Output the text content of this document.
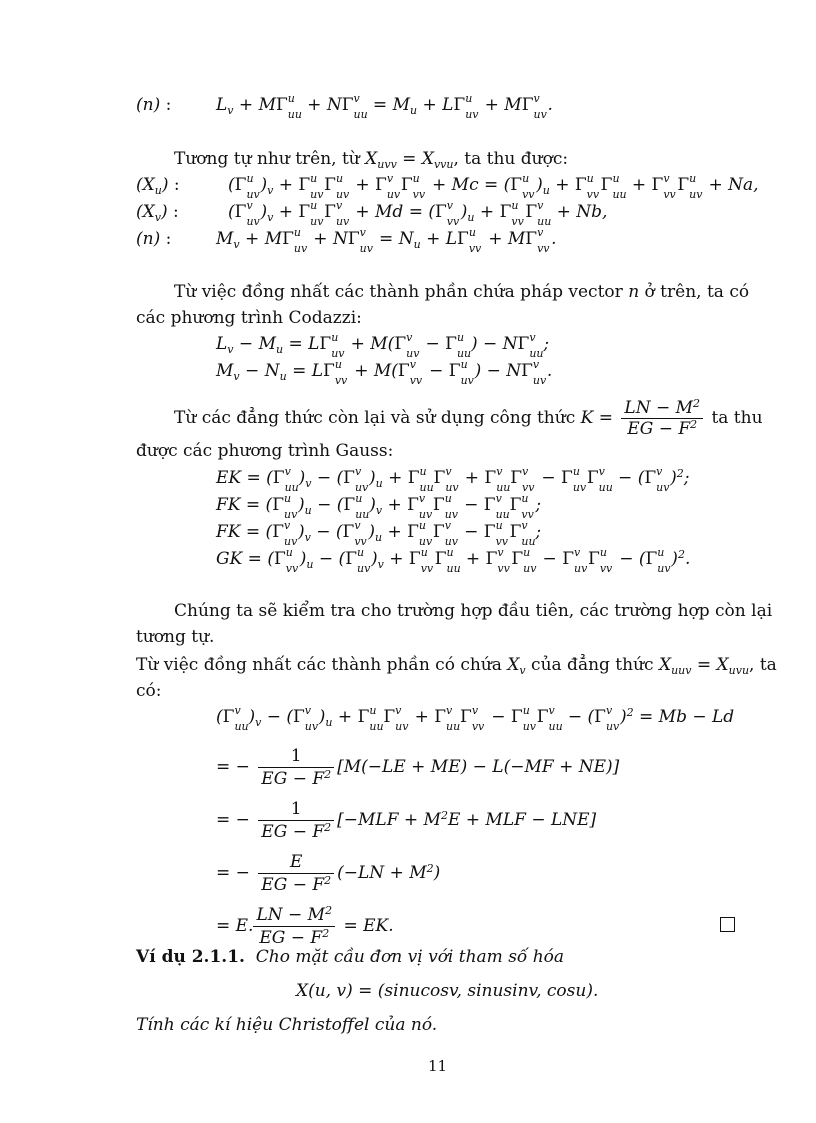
(n) :	$L_v + M\Gamma$ u
uu + NΓ v
uu = $M_u + L\Gamma$ u
uv + MΓ v
uv .
Tương tự như trên, từ $X_{uvv} = X_{vvu}$, ta thu được:
$(X_u)$ :	(Γ u
uv )$_v + \Gamma$ u
uv Γ u
uv + Γ v
uv Γ u
vv + Mc = (Γ u
vv )$_u + \Gamma$ u
vv Γ u
uu + Γ v
vv Γ u
uv + Na,
$(X_v)$ :	(Γ v
uv )$_v + \Gamma$ u
uv Γ v
uv + Md = (Γ v
vv )$_u + \Gamma$ u
vv Γ v
uu + Nb,
(n) :	$M_v + M\Gamma$ u
uv + NΓ v
uv = $N_u + L\Gamma$ u
vv + MΓ v
vv .
Từ việc đồng nhất các thành phần chứa pháp vector n ở trên, ta có
các phương trình Codazzi:
$L_v - M_u = L\Gamma$ u
uv + M(Γ v
uv − Γ u
uu ) − NΓ v
uu ;
$M_v - N_u = L\Gamma$ u
vv + M(Γ v
vv − Γ u
uv ) − NΓ v
uv .
Từ các đẳng thức còn lại và sử dụng công thức $K = \frac{LN - M^2}{EG - F^2}$ ta thu
được các phương trình Gauss:
EK = (Γ v
uu )$_v - (\Gamma$ v
uv )$_u + \Gamma$ u
uu Γ v
uv + Γ v
uu Γ v
vv − Γ u
uv Γ v
uu − (Γ v
uv )$^2$;
FK = (Γ u
uv )$_u - (\Gamma$ u
uu )$_v + \Gamma$ v
uv Γ u
uv − Γ v
uu Γ u
vv ;
FK = (Γ v
uv )$_v - (\Gamma$ v
vv )$_u + \Gamma$ u
uv Γ v
uv − Γ u
vv Γ v
uu ;
GK = (Γ u
vv )$_u - (\Gamma$ u
uv )$_v + \Gamma$ u
vv Γ u
uu + Γ v
vv Γ u
uv − Γ v
uv Γ u
vv − (Γ u
uv )$^2$.
Chúng ta sẽ kiểm tra cho trường hợp đầu tiên, các trường hợp còn lại
tương tự.
Từ việc đồng nhất các thành phần có chứa $X_v$ của đẳng thức $X_{uuv} = X_{uvu}$, ta
có:
(Γ v
uu )$_v - (\Gamma$ v
uv )$_u + \Gamma$ u
uu Γ v
uv + Γ v
uu Γ v
vv − Γ u
uv Γ v
uu − (Γ v
uv )$^2$ = Mb − Ld
= − $\frac{1}{EG - F^2} [M(-LE + ME) - L(-MF + NE)]$
= − $\frac{1}{EG - F^2} [-MLF + M^2E$ + MLF − LNE]
= − $\frac{E}{EG - F^2} (-LN + M^2)$
= E. $\frac{LN - M^2}{EG - F^2}$ = EK.
Ví dụ 2.1.1. Cho mặt cầu đơn vị với tham số hóa
X(u, v) = (sinucosv, sinusinv, cosu).
Tính các kí hiệu Christoffel của nó.
11
